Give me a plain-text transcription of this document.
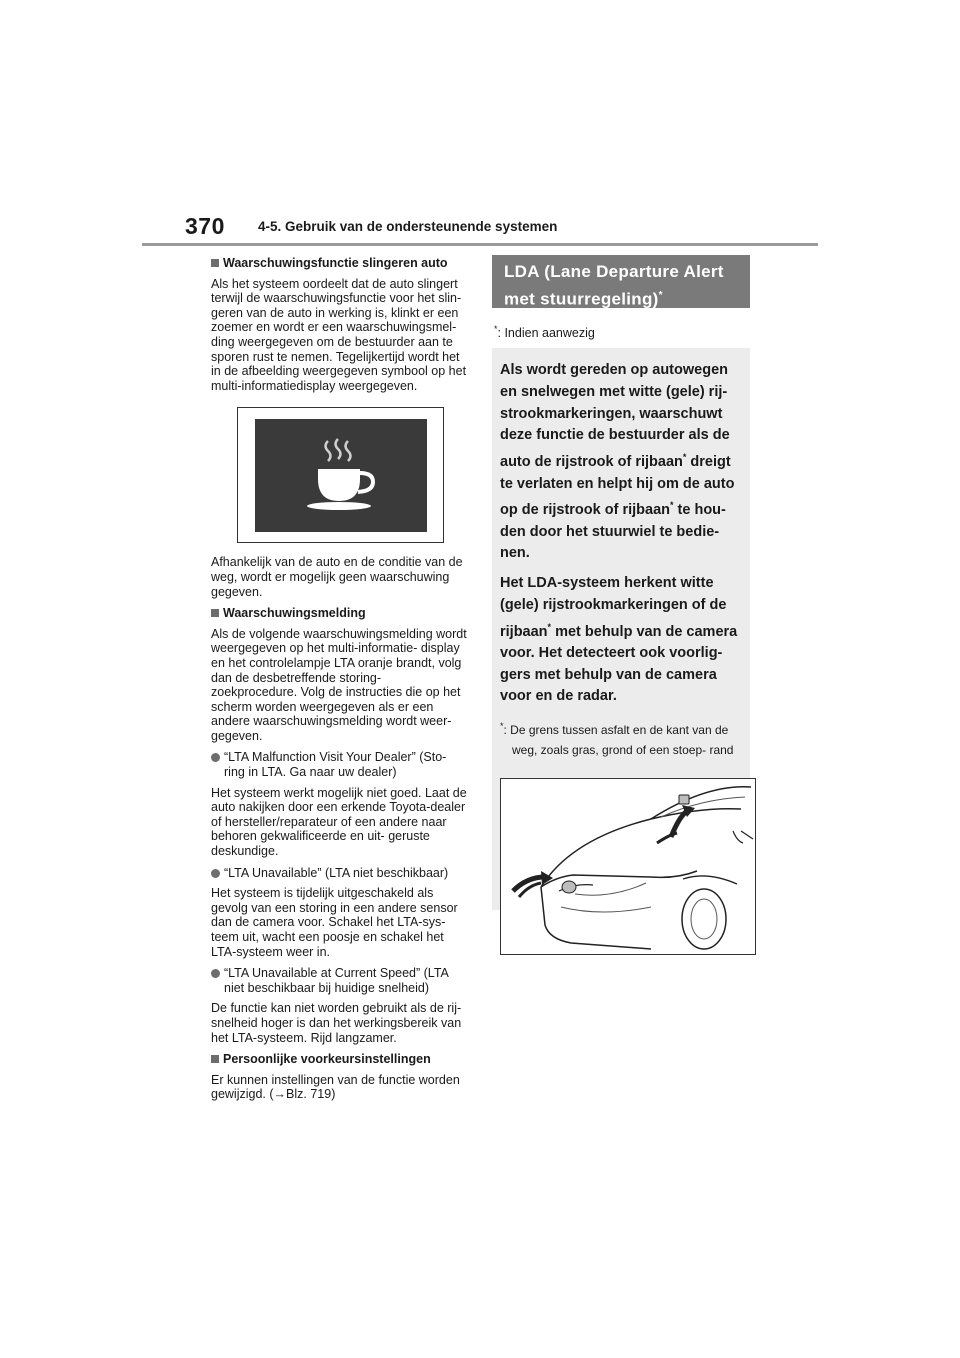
370 4-5. Gebruik van de ondersteunende systemen
Waarschuwingsfunctie slingeren auto

Als het systeem oordeelt dat de auto slingert terwijl de waarschuwingsfunctie voor het slin- geren van de auto in werking is, klinkt er een zoemer en wordt er een waarschuwingsmel- ding weergegeven om de bestuurder aan te sporen rust te nemen. Tegelijkertijd wordt het in de afbeelding weergegeven symbool op het multi-informatiedisplay weergegeven.

Afhankelijk van de auto en de conditie van de weg, wordt er mogelijk geen waarschuwing gegeven.

Waarschuwingsmelding

Als de volgende waarschuwingsmelding wordt weergegeven op het multi-informatie- display en het controlelampje LTA oranje brandt, volg dan de desbetreffende storing- zoekprocedure. Volg de instructies die op het scherm worden weergegeven als er een andere waarschuwingsmelding wordt weer- gegeven.

“LTA Malfunction Visit Your Dealer” (Sto- ring in LTA. Ga naar uw dealer)

Het systeem werkt mogelijk niet goed. Laat de auto nakijken door een erkende Toyota-dealer of hersteller/reparateur of een andere naar behoren gekwalificeerde en uit- geruste deskundige.

“LTA Unavailable” (LTA niet beschikbaar)

Het systeem is tijdelijk uitgeschakeld als gevolg van een storing in een andere sensor dan de camera voor. Schakel het LTA-sys- teem uit, wacht een poosje en schakel het LTA-systeem weer in.

“LTA Unavailable at Current Speed” (LTA niet beschikbaar bij huidige snelheid)

De functie kan niet worden gebruikt als de rij- snelheid hoger is dan het werkingsbereik van het LTA-systeem. Rijd langzamer.

Persoonlijke voorkeursinstellingen

Er kunnen instellingen van de functie worden gewijzigd. (→Blz. 719)

LDA (Lane Departure Alert met stuurregeling)*
*: Indien aanwezig

Als wordt gereden op autowegen en snelwegen met witte (gele) rij- strookmarkeringen, waarschuwt deze functie de bestuurder als de auto de rijstrook of rijbaan* dreigt te verlaten en helpt hij om de auto op de rijstrook of rijbaan* te hou- den door het stuurwiel te bedie- nen.

Het LDA-systeem herkent witte (gele) rijstrookmarkeringen of de rijbaan* met behulp van de camera voor. Het detecteert ook voorlig- gers met behulp van de camera voor en de radar.

*: De grens tussen asfalt en de kant van de weg, zoals gras, grond of een stoep- rand
